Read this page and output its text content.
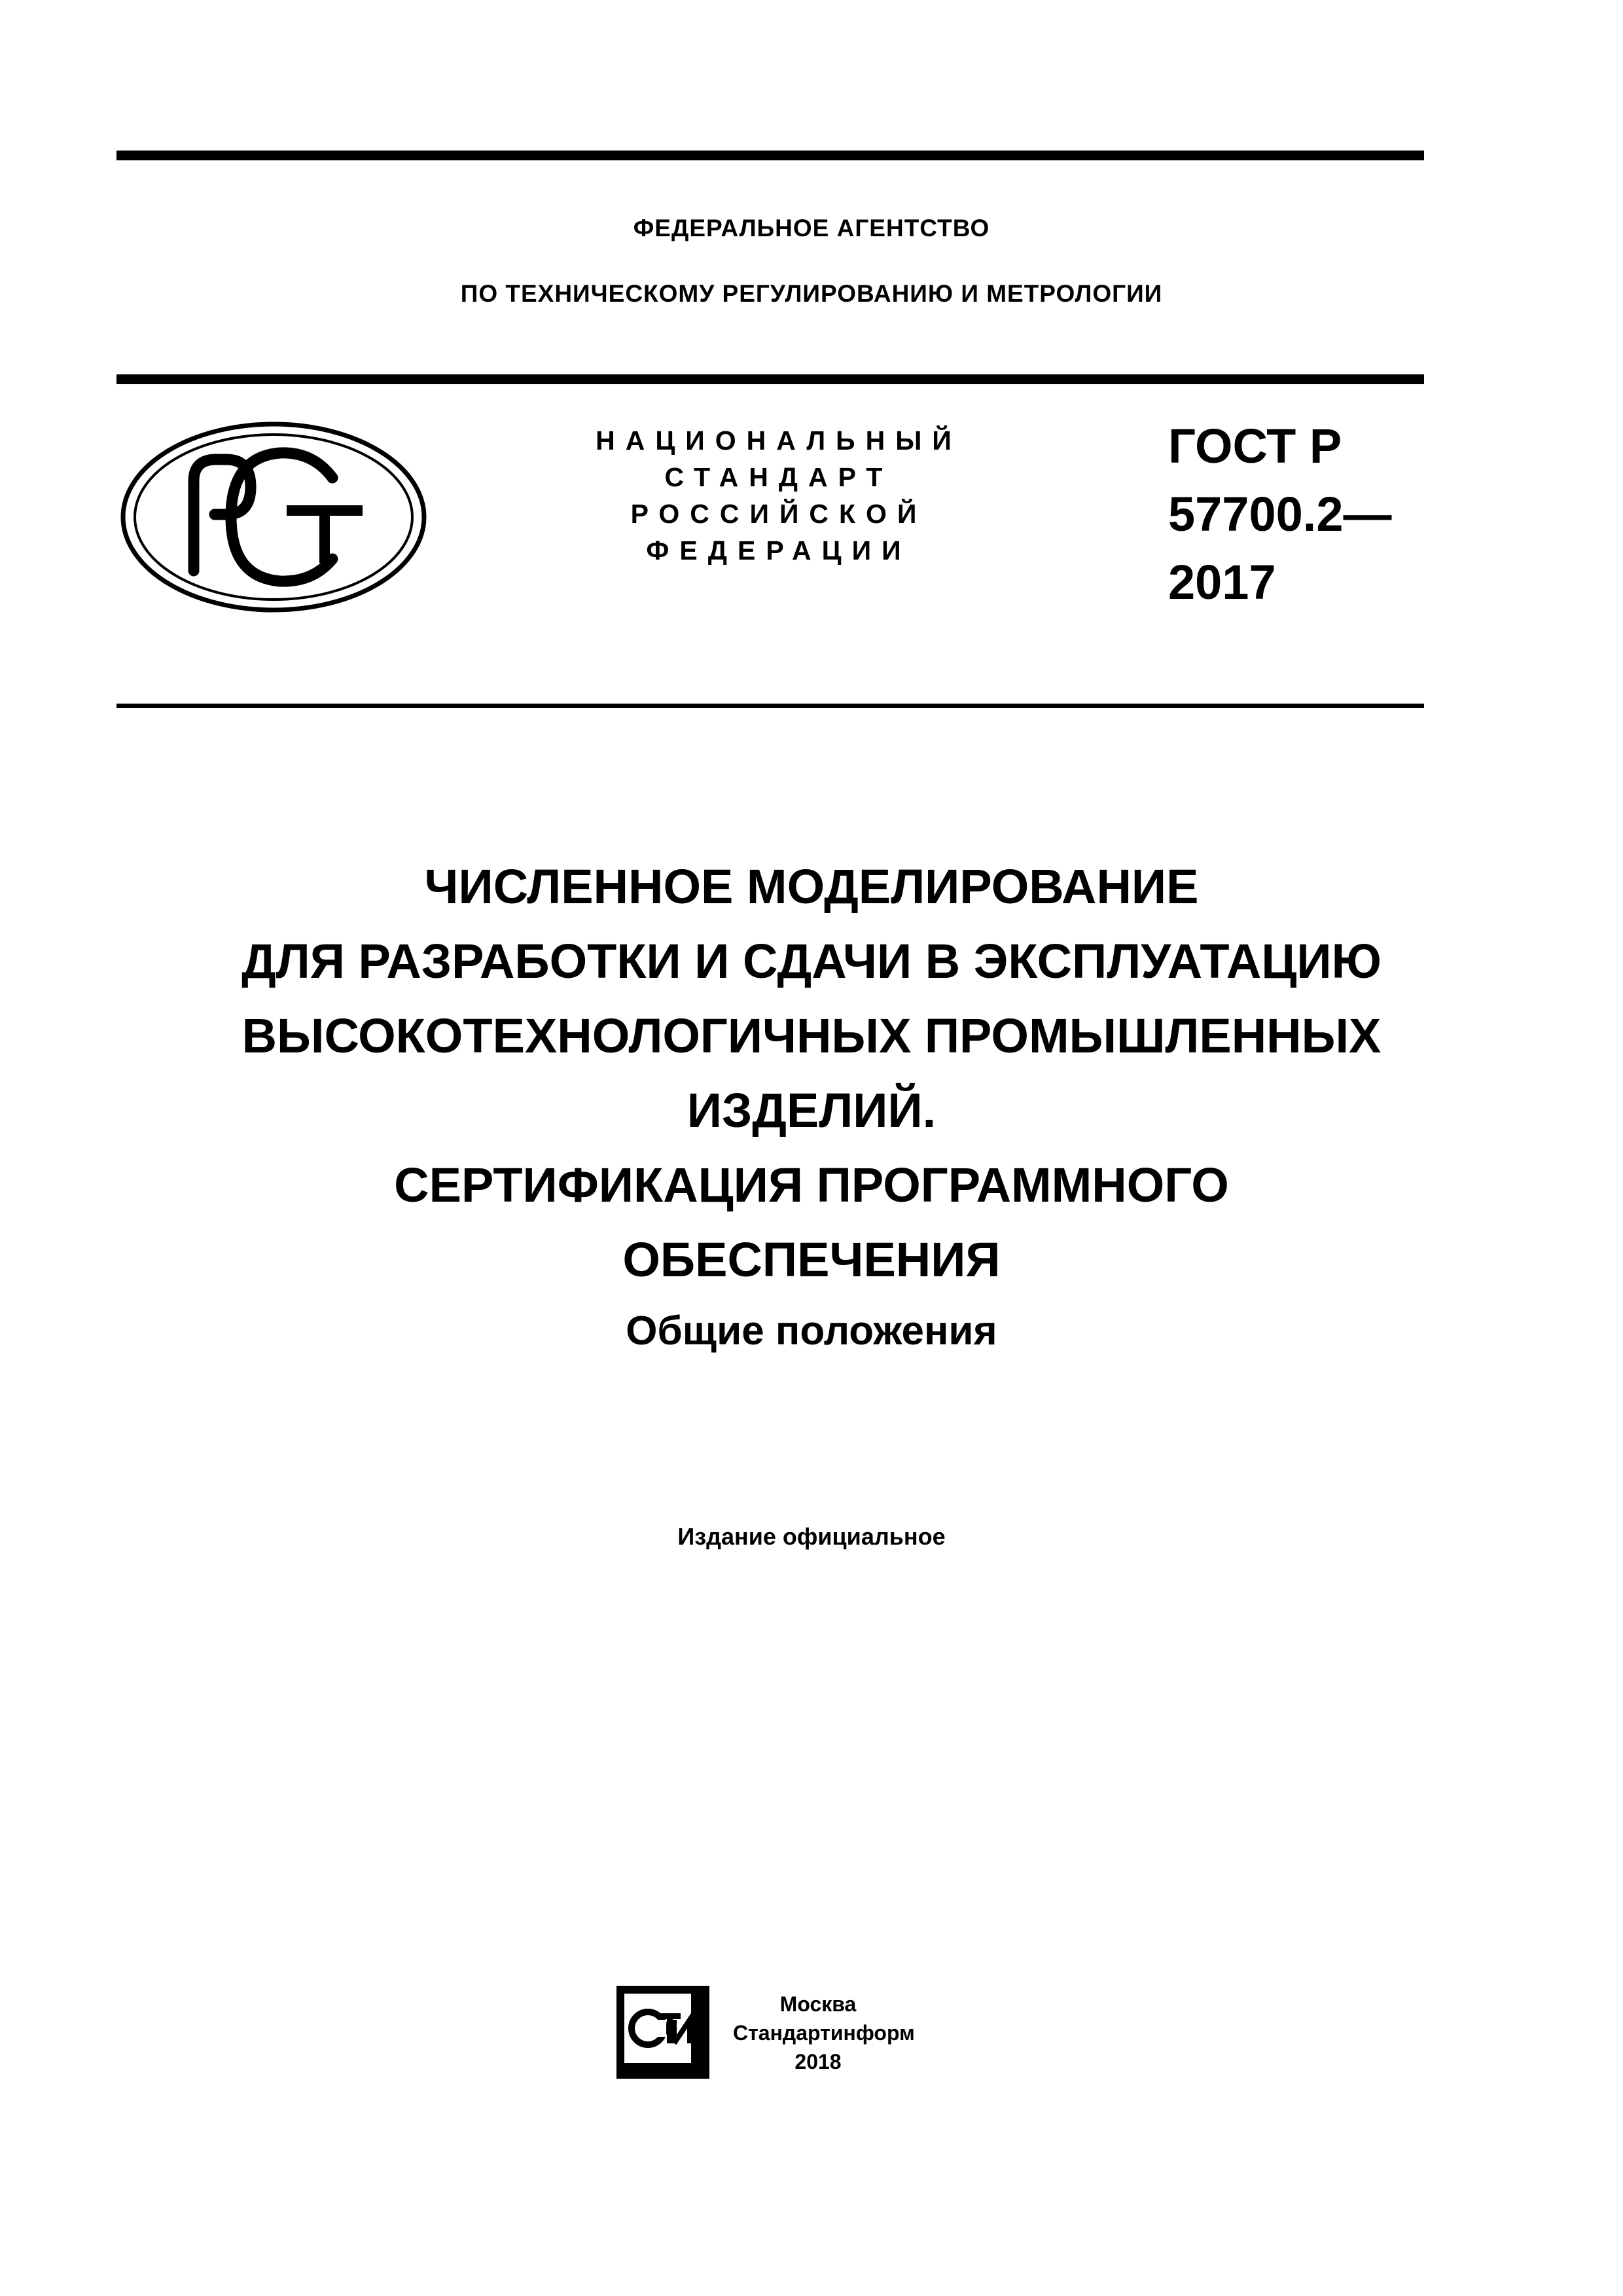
ФЕДЕРАЛЬНОЕ АГЕНТСТВО
ПО ТЕХНИЧЕСКОМУ РЕГУЛИРОВАНИЮ И МЕТРОЛОГИИ
НАЦИОНАЛЬНЫЙ
СТАНДАРТ
РОССИЙСКОЙ
ФЕДЕРАЦИИ
ГОСТ Р
57700.2—
2017
ЧИСЛЕННОЕ МОДЕЛИРОВАНИЕ
ДЛЯ РАЗРАБОТКИ И СДАЧИ В ЭКСПЛУАТАЦИЮ
ВЫСОКОТЕХНОЛОГИЧНЫХ ПРОМЫШЛЕННЫХ
ИЗДЕЛИЙ.
СЕРТИФИКАЦИЯ ПРОГРАММНОГО
ОБЕСПЕЧЕНИЯ
Общие положения
Издание официальное
СТИ
Москва
Стандартинформ
2018
